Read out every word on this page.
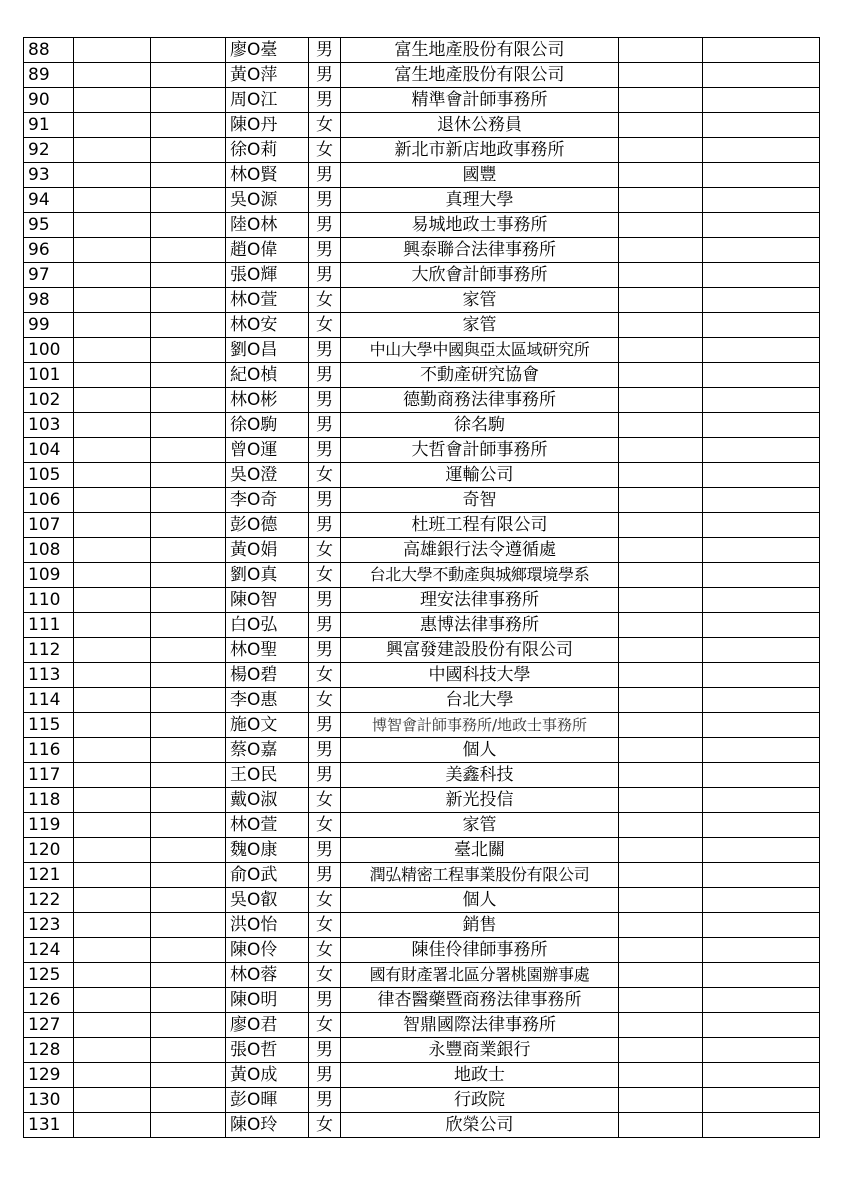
88			廖O臺	男	富生地產股份有限公司		
89			黃O萍	男	富生地產股份有限公司		
90			周O江	男	精準會計師事務所		
91			陳O丹	女	退休公務員		
92			徐O莉	女	新北市新店地政事務所		
93			林O賢	男	國豐		
94			吳O源	男	真理大學		
95			陸O林	男	易城地政士事務所		
96			趙O偉	男	興泰聯合法律事務所		
97			張O輝	男	大欣會計師事務所		
98			林O萱	女	家管		
99			林O安	女	家管		
100			劉O昌	男	中山大學中國與亞太區域研究所		
101			紀O楨	男	不動產研究協會		
102			林O彬	男	德勤商務法律事務所		
103			徐O駒	男	徐名駒		
104			曾O運	男	大哲會計師事務所		
105			吳O澄	女	運輸公司		
106			李O奇	男	奇智		
107			彭O德	男	杜班工程有限公司		
108			黃O娟	女	高雄銀行法令遵循處		
109			劉O真	女	台北大學不動產與城鄉環境學系		
110			陳O智	男	理安法律事務所		
111			白O弘	男	惠博法律事務所		
112			林O聖	男	興富發建設股份有限公司		
113			楊O碧	女	中國科技大學		
114			李O惠	女	台北大學		
115			施O文	男	博智會計師事務所/地政士事務所		
116			蔡O嘉	男	個人		
117			王O民	男	美鑫科技		
118			戴O淑	女	新光投信		
119			林O萱	女	家管		
120			魏O康	男	臺北關		
121			俞O武	男	潤弘精密工程事業股份有限公司		
122			吳O叡	女	個人		
123			洪O怡	女	銷售		
124			陳O伶	女	陳佳伶律師事務所		
125			林O蓉	女	國有財產署北區分署桃園辦事處		
126			陳O明	男	律杏醫藥暨商務法律事務所		
127			廖O君	女	智鼎國際法律事務所		
128			張O哲	男	永豐商業銀行		
129			黃O成	男	地政士		
130			彭O暉	男	行政院		
131			陳O玲	女	欣榮公司		
